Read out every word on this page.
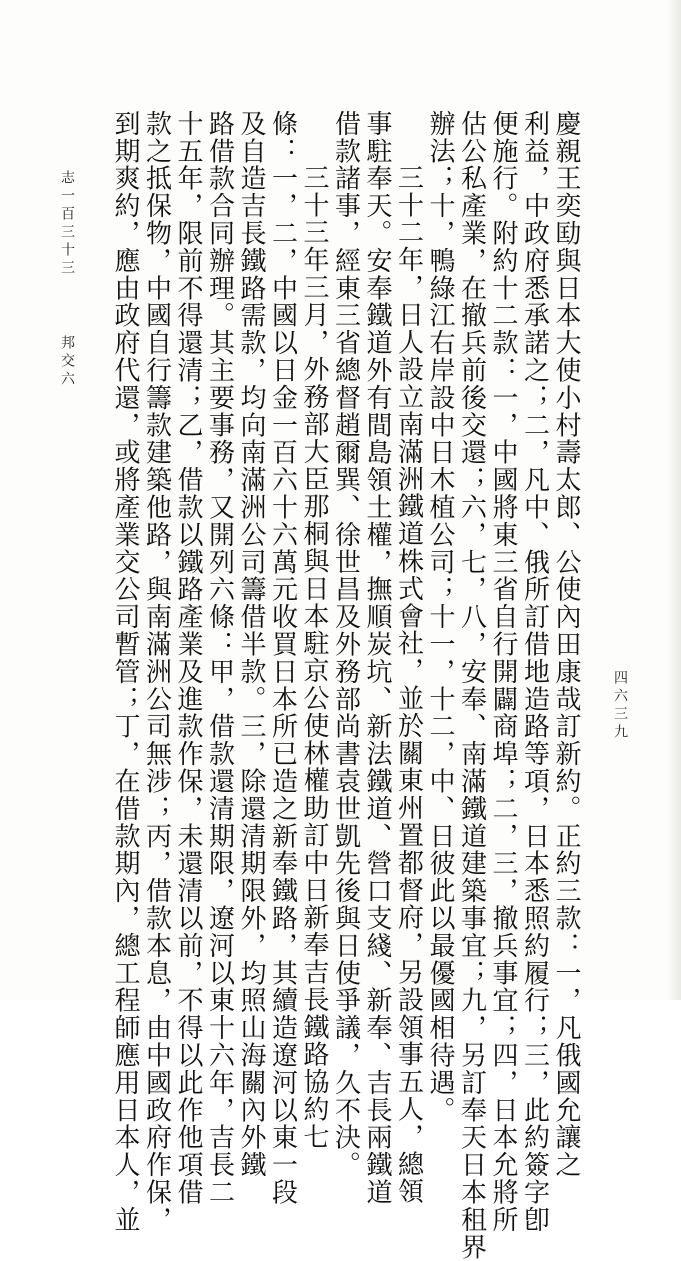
志一百三十三
邦交六
四六三九
慶親王奕劻與日本大使小村壽太郎、公使內田康哉訂新約。正約三款：一，凡俄國允讓之
利益，中政府悉承諾之；二，凡中、俄所訂借地造路等項，日本悉照約履行；三，此約簽字卽
便施行。附約十二款：一，中國將東三省自行開闢商埠；二，三，撤兵事宜；四，日本允將所
估公私產業，在撤兵前後交還；六，七，八，安奉、南滿鐵道建築事宜；九，另訂奉天日本租界
辦法；十，鴨綠江右岸設中日木植公司；十一，十二，中、日彼此以最優國相待遇。
三十二年，日人設立南滿洲鐵道株式會社，並於關東州置都督府，另設領事五人，總領
事駐奉天。安奉鐵道外有間島領土權，撫順炭坑、新法鐵道、營口支綫、新奉、吉長兩鐵道
借款諸事，經東三省總督趙爾巽、徐世昌及外務部尚書袁世凱先後與日使爭議，久不決。
三十三年三月，外務部大臣那桐與日本駐京公使林權助訂中日新奉吉長鐵路協約七
條：一，二，中國以日金一百六十六萬元收買日本所已造之新奉鐵路，其續造遼河以東一段
及自造吉長鐵路需款，均向南滿洲公司籌借半款。三，除還清期限外，均照山海關內外鐵
路借款合同辦理。其主要事務，又開列六條：甲，借款還清期限，遼河以東十六年，吉長二
十五年，限前不得還清；乙，借款以鐵路產業及進款作保，未還清以前，不得以此作他項借
款之抵保物，中國自行籌款建築他路，與南滿洲公司無涉；丙，借款本息，由中國政府作保，
到期爽約，應由政府代還，或將產業交公司暫管；丁，在借款期內，總工程師應用日本人，並
